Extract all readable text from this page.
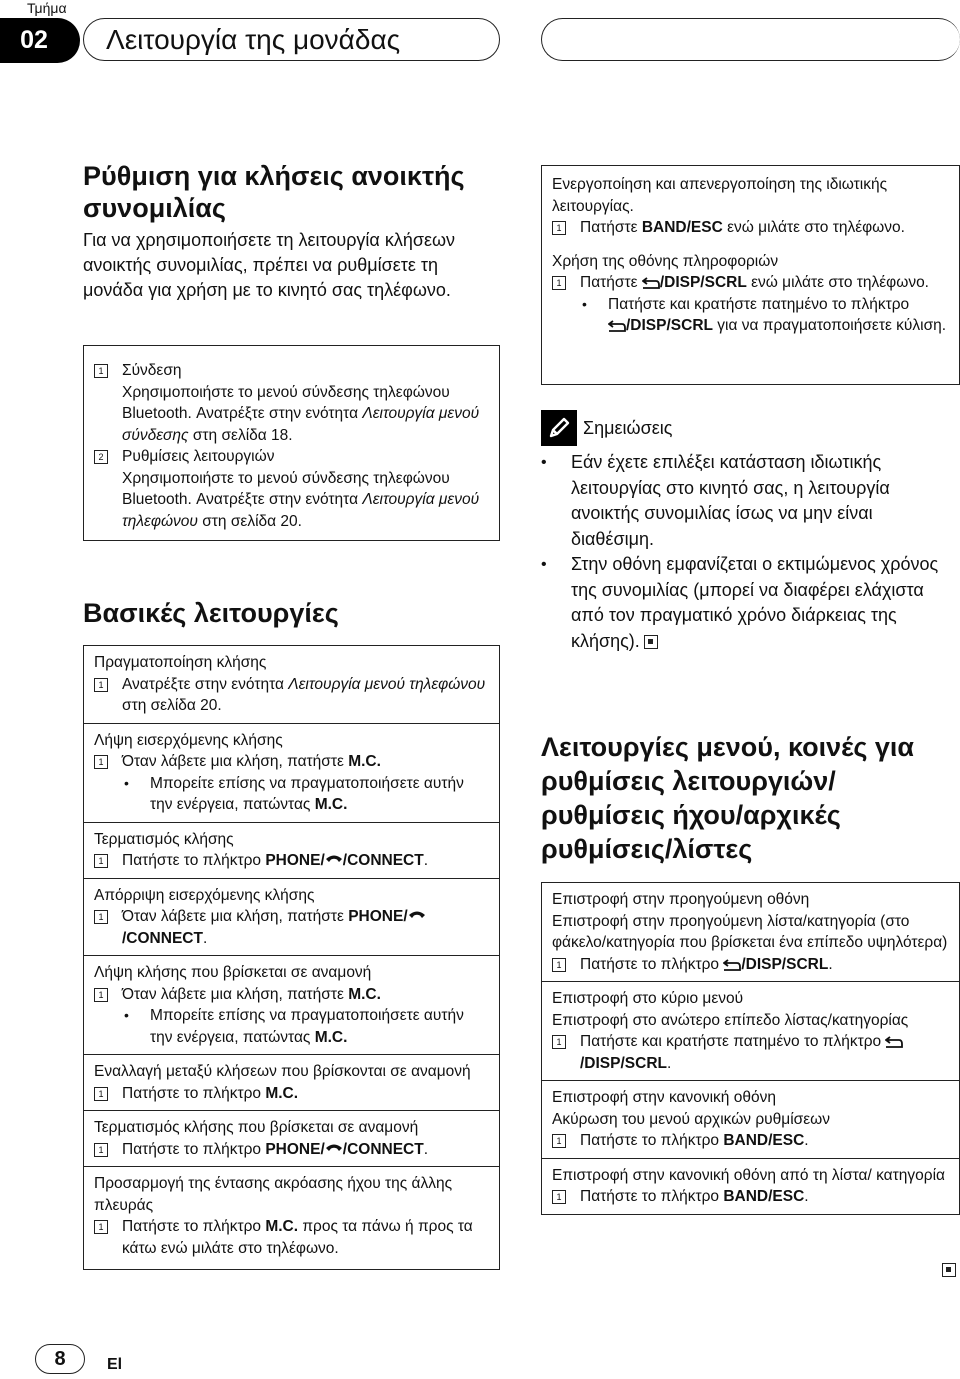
Τμήμα
02	Λειτουργία της μονάδας
Ρύθμιση για κλήσεις ανοικτής συνομιλίας
Για να χρησιμοποιήσετε τη λειτουργία κλήσεων ανοικτής συνομιλίας, πρέπει να ρυθμίσετε τη μονάδα για χρήση με το κινητό σας τηλέφωνο.
1 Σύνδεση
Χρησιμοποιήστε το μενού σύνδεσης τηλεφώνου Bluetooth. Ανατρέξτε στην ενότητα Λειτουργία μενού σύνδεσης στη σελίδα 18.
2 Ρυθμίσεις λειτουργιών
Χρησιμοποιήστε το μενού σύνδεσης τηλεφώνου Bluetooth. Ανατρέξτε στην ενότητα Λειτουργία μενού τηλεφώνου στη σελίδα 20.
Βασικές λειτουργίες
Πραγματοποίηση κλήσης
1 Ανατρέξτε στην ενότητα Λειτουργία μενού τηλεφώνου στη σελίδα 20.
Λήψη εισερχόμενης κλήσης
1 Όταν λάβετε μια κλήση, πατήστε M.C.
•	Μπορείτε επίσης να πραγματοποιήσετε αυτήν την ενέργεια, πατώντας M.C.
Τερματισμός κλήσης
1 Πατήστε το πλήκτρο PHONE/ /CONNECT.
Απόρριψη εισερχόμενης κλήσης
1 Όταν λάβετε μια κλήση, πατήστε PHONE/
/CONNECT.
Λήψη κλήσης που βρίσκεται σε αναμονή
1 Όταν λάβετε μια κλήση, πατήστε M.C.
•	Μπορείτε επίσης να πραγματοποιήσετε αυτήν την ενέργεια, πατώντας M.C.
Εναλλαγή μεταξύ κλήσεων που βρίσκονται σε αναμονή
1 Πατήστε το πλήκτρο M.C.
Τερματισμός κλήσης που βρίσκεται σε αναμονή
1 Πατήστε το πλήκτρο PHONE/ /CONNECT.
Προσαρμογή της έντασης ακρόασης ήχου της άλλης πλευράς
1 Πατήστε το πλήκτρο M.C. προς τα πάνω ή προς τα κάτω ενώ μιλάτε στο τηλέφωνο.
Ενεργοποίηση και απενεργοποίηση της ιδιωτικής λειτουργίας.
1 Πατήστε BAND/ESC ενώ μιλάτε στο τηλέφωνο.
Χρήση της οθόνης πληροφοριών
1 Πατήστε /DISP/SCRL ενώ μιλάτε στο τηλέφωνο.
•	Πατήστε και κρατήστε πατημένο το πλήκτρο
/DISP/SCRL για να πραγματοποιήσετε κύλιση.
Σημειώσεις
•	Εάν έχετε επιλέξει κατάσταση ιδιωτικής λειτουργίας στο κινητό σας, η λειτουργία ανοικτής συνομιλίας ίσως να μην είναι διαθέσιμη.
•	Στην οθόνη εμφανίζεται ο εκτιμώμενος χρόνος της συνομιλίας (μπορεί να διαφέρει ελάχιστα από τον πραγματικό χρόνο διάρκειας της κλήσης).
Λειτουργίες μενού, κοινές για ρυθμίσεις λειτουργιών/ ρυθμίσεις ήχου/αρχικές ρυθμίσεις/λίστες
Επιστροφή στην προηγούμενη οθόνη
Επιστροφή στην προηγούμενη λίστα/κατηγορία (στο φάκελο/κατηγορία που βρίσκεται ένα επίπεδο υψηλότερα)
1 Πατήστε το πλήκτρο /DISP/SCRL.
Επιστροφή στο κύριο μενού
Επιστροφή στο ανώτερο επίπεδο λίστας/κατηγορίας
1 Πατήστε και κρατήστε πατημένο το πλήκτρο
/DISP/SCRL.
Επιστροφή στην κανονική οθόνη
Ακύρωση του μενού αρχικών ρυθμίσεων
1 Πατήστε το πλήκτρο BAND/ESC.
Επιστροφή στην κανονική οθόνη από τη λίστα/ κατηγορία
1 Πατήστε το πλήκτρο BAND/ESC.
8	El
